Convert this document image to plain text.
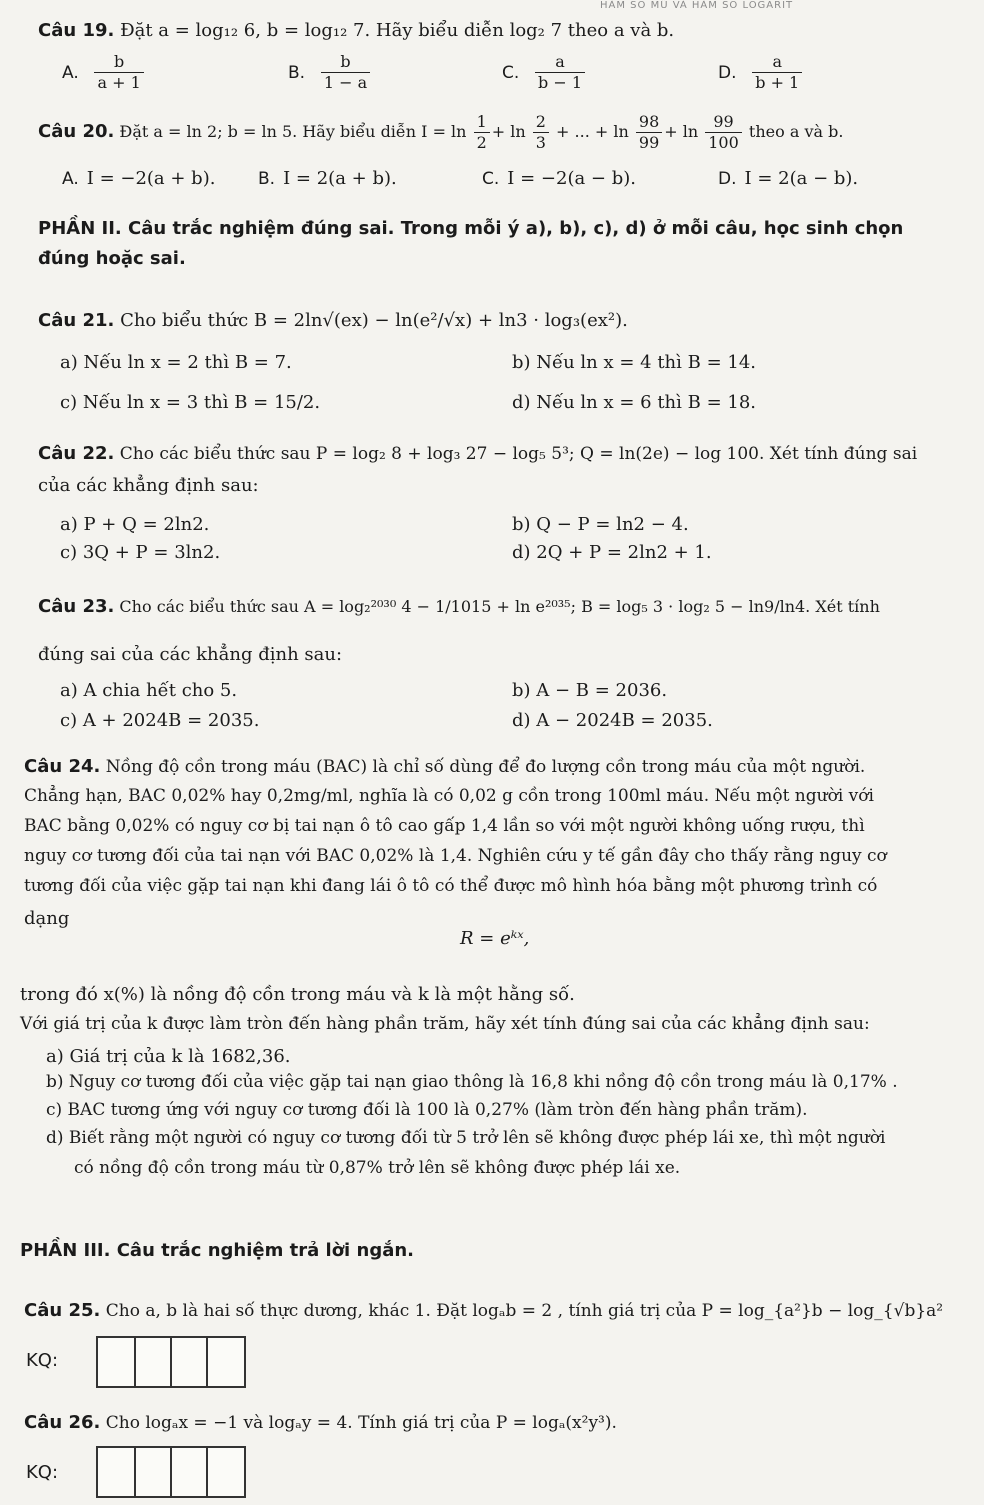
HÀM SỐ MŨ VÀ HÀM SỐ LÔGARIT
Câu 19. Đặt a = log₁₂ 6, b = log₁₂ 7. Hãy biểu diễn log₂ 7 theo a và b.
A. $\frac{b}{a + 1}$	B. $\frac{b}{1 - a}$	C. $\frac{a}{b - 1}$	D. $\frac{a}{b + 1}$
Câu 20. Đặt a = ln 2; b = ln 5. Hãy biểu diễn $I = \ln \frac{1}{2} + \ln \frac{2}{3}$ + ... + $\ln \frac{98}{99} + \ln \frac{99}{100}$ theo a và b.
A. I = −2(a + b).	B. I = 2(a + b).	C. I = −2(a − b).	D. I = 2(a − b).
PHẦN II. Câu trắc nghiệm đúng sai. Trong mỗi ý a), b), c), d) ở mỗi câu, học sinh chọn đúng hoặc sai.
Câu 21. Cho biểu thức B = 2ln√(ex) − ln(e²/√x) + ln3 · log₃(ex²).
a) Nếu ln x = 2 thì B = 7.	b) Nếu ln x = 4 thì B = 14.
c) Nếu ln x = 3 thì B = 15/2.	d) Nếu ln x = 6 thì B = 18.
Câu 22. Cho các biểu thức sau P = log₂ 8 + log₃ 27 − log₅ 5³; Q = ln(2e) − log 100. Xét tính đúng sai
của các khẳng định sau:
a) P + Q = 2ln2.	b) Q − P = ln2 − 4.
c) 3Q + P = 3ln2.	d) 2Q + P = 2ln2 + 1.
Câu 23. Cho các biểu thức sau A = log₂²⁰³⁰ 4 − 1/1015 + ln e²⁰³⁵; B = log₅ 3 · log₂ 5 − ln9/ln4. Xét tính
đúng sai của các khẳng định sau:
a) A chia hết cho 5.	b) A − B = 2036.
c) A + 2024B = 2035.	d) A − 2024B = 2035.
Câu 24. Nồng độ cồn trong máu (BAC) là chỉ số dùng để đo lượng cồn trong máu của một người.
Chẳng hạn, BAC 0,02% hay 0,2mg/ml, nghĩa là có 0,02 g cồn trong 100ml máu. Nếu một người với
BAC bằng 0,02% có nguy cơ bị tai nạn ô tô cao gấp 1,4 lần so với một người không uống rượu, thì
nguy cơ tương đối của tai nạn với BAC 0,02% là 1,4. Nghiên cứu y tế gần đây cho thấy rằng nguy cơ
tương đối của việc gặp tai nạn khi đang lái ô tô có thể được mô hình hóa bằng một phương trình có
dạng
R = eᵏˣ,
trong đó x(%) là nồng độ cồn trong máu và k là một hằng số.
Với giá trị của k được làm tròn đến hàng phần trăm, hãy xét tính đúng sai của các khẳng định sau:
a) Giá trị của k là 1682,36.
b) Nguy cơ tương đối của việc gặp tai nạn giao thông là 16,8 khi nồng độ cồn trong máu là 0,17% .
c) BAC tương ứng với nguy cơ tương đối là 100 là 0,27% (làm tròn đến hàng phần trăm).
d) Biết rằng một người có nguy cơ tương đối từ 5 trở lên sẽ không được phép lái xe, thì một người
có nồng độ cồn trong máu từ 0,87% trở lên sẽ không được phép lái xe.
PHẦN III. Câu trắc nghiệm trả lời ngắn.
Câu 25. Cho a, b là hai số thực dương, khác 1. Đặt logₐb = 2 , tính giá trị của P = log_{a²}b − log_{√b}a²
KQ:
Câu 26. Cho logₐx = −1 và logₐy = 4. Tính giá trị của P = logₐ(x²y³).
KQ:
